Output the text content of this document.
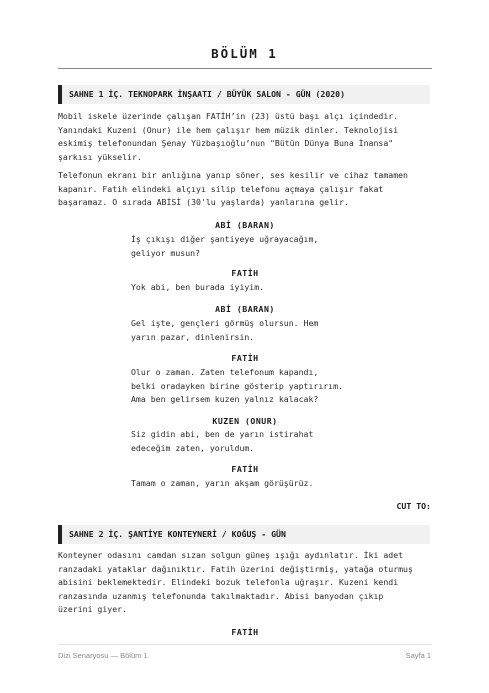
BÖLÜM 1
SAHNE 1 İÇ. TEKNOPARK İNŞAATI / BÜYÜK SALON - GÜN (2020)
Mobil iskele üzerinde çalışan FATİH’in (23) üstü başı alçı içindedir.
Yanındaki Kuzeni (Onur) ile hem çalışır hem müzik dinler. Teknolojisi
eskimiş telefonundan Şenay Yüzbaşıoğlu’nun "Bütün Dünya Buna İnansa"
şarkısı yükselir.
Telefonun ekranı bir anlığına yanıp söner, ses kesilir ve cihaz tamamen
kapanır. Fatih elindeki alçıyı silip telefonu açmaya çalışır fakat
başaramaz. O sırada ABİSİ (30'lu yaşlarda) yanlarına gelir.
ABİ (BARAN)
İş çıkışı diğer şantiyeye uğrayacağım,
geliyor musun?
FATİH
Yok abi, ben burada iyiyim.
ABİ (BARAN)
Gel işte, gençleri görmüş olursun. Hem
yarın pazar, dinlenirsin.
FATİH
Olur o zaman. Zaten telefonum kapandı,
belki oradayken birine gösterip yaptırırım.
Ama ben gelirsem kuzen yalnız kalacak?
KUZEN (ONUR)
Siz gidin abi, ben de yarın istirahat
edeceğim zaten, yoruldum.
FATİH
Tamam o zaman, yarın akşam görüşürüz.
CUT TO:
SAHNE 2 İÇ. ŞANTİYE KONTEYNERİ / KOĞUŞ - GÜN
Konteyner odasını camdan sızan solgun güneş ışığı aydınlatır. İki adet
ranzadaki yataklar dağınıktır. Fatih üzerini değiştirmiş, yatağa oturmuş
abisini beklemektedir. Elindeki bozuk telefonla uğraşır. Kuzeni kendi
ranzasında uzanmış telefonunda takılmaktadır. Abisi banyodan çıkıp
üzerini giyer.
FATİH
Dizi Senaryosu — Bölüm 1	Sayfa 1
